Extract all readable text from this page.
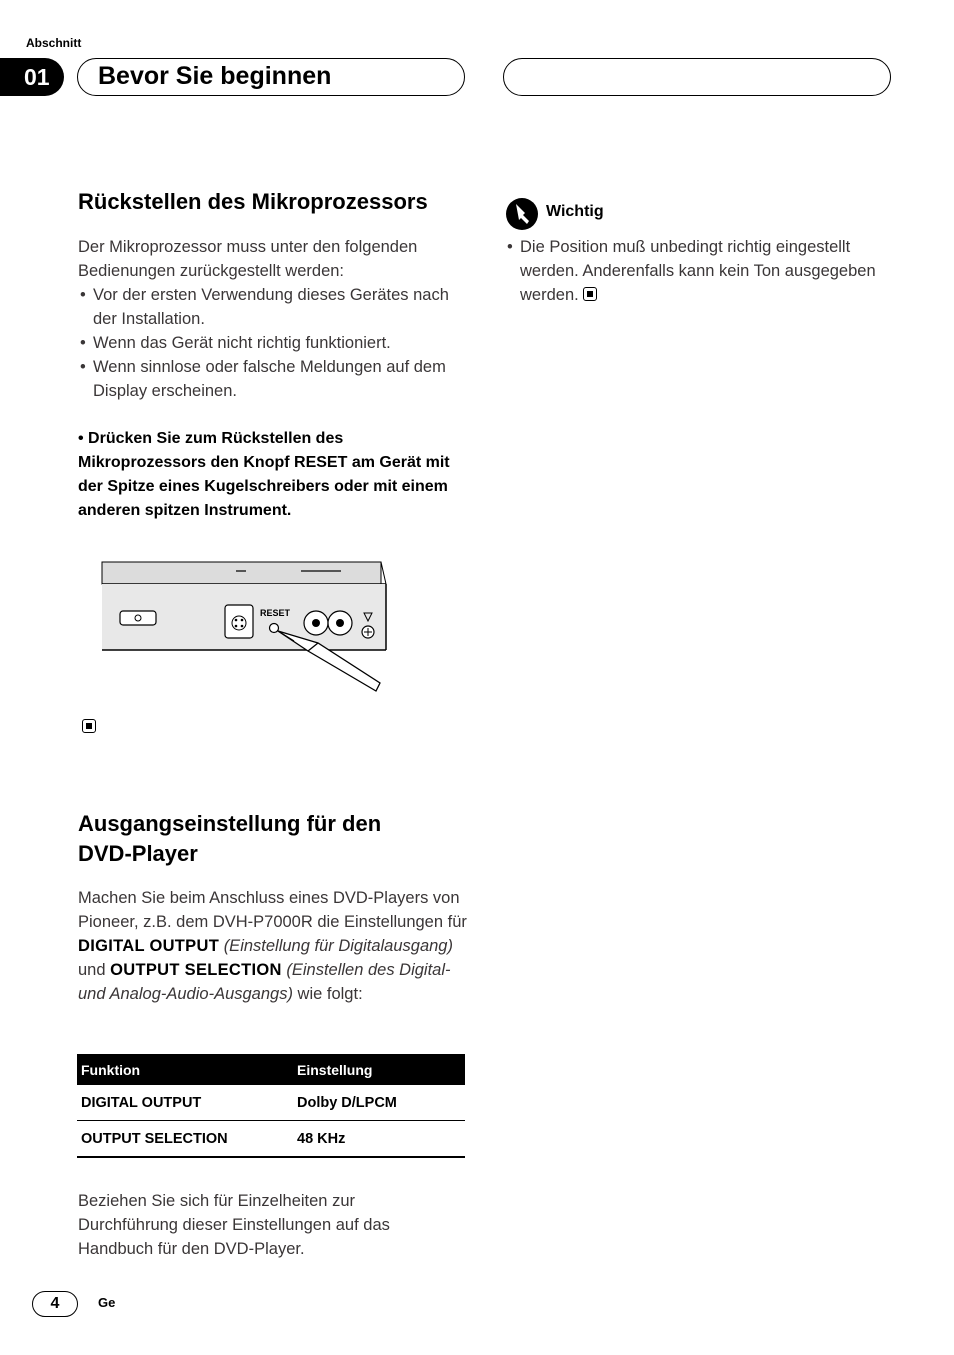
Abschnitt
01	Bevor Sie beginnen
Rückstellen des Mikroprozessors

Der Mikroprozessor muss unter den folgenden Bedienungen zurückgestellt werden:

• Vor der ersten Verwendung dieses Gerätes nach der Installation.
• Wenn das Gerät nicht richtig funktioniert.
• Wenn sinnlose oder falsche Meldungen auf dem Display erscheinen.
• Drücken Sie zum Rückstellen des Mikroprozessors den Knopf RESET am Gerät mit der Spitze eines Kugelschreibers oder mit einem anderen spitzen Instrument.
RESET
Ausgangseinstellung für den
DVD-Player
Machen Sie beim Anschluss eines DVD-Players von Pioneer, z.B. dem DVH-P7000R die Einstellungen für DIGITAL OUTPUT (Einstellung für Digitalausgang) und OUTPUT SELECTION (Einstellen des Digital- und Analog-Audio-Ausgangs) wie folgt:
Funktion	Einstellung
DIGITAL OUTPUT	Dolby D/LPCM
OUTPUT SELECTION	48 KHz
Beziehen Sie sich für Einzelheiten zur Durchführung dieser Einstellungen auf das Handbuch für den DVD-Player.
Wichtig
• Die Position muß unbedingt richtig eingestellt werden. Anderenfalls kann kein Ton ausgegeben werden.
4	Ge
